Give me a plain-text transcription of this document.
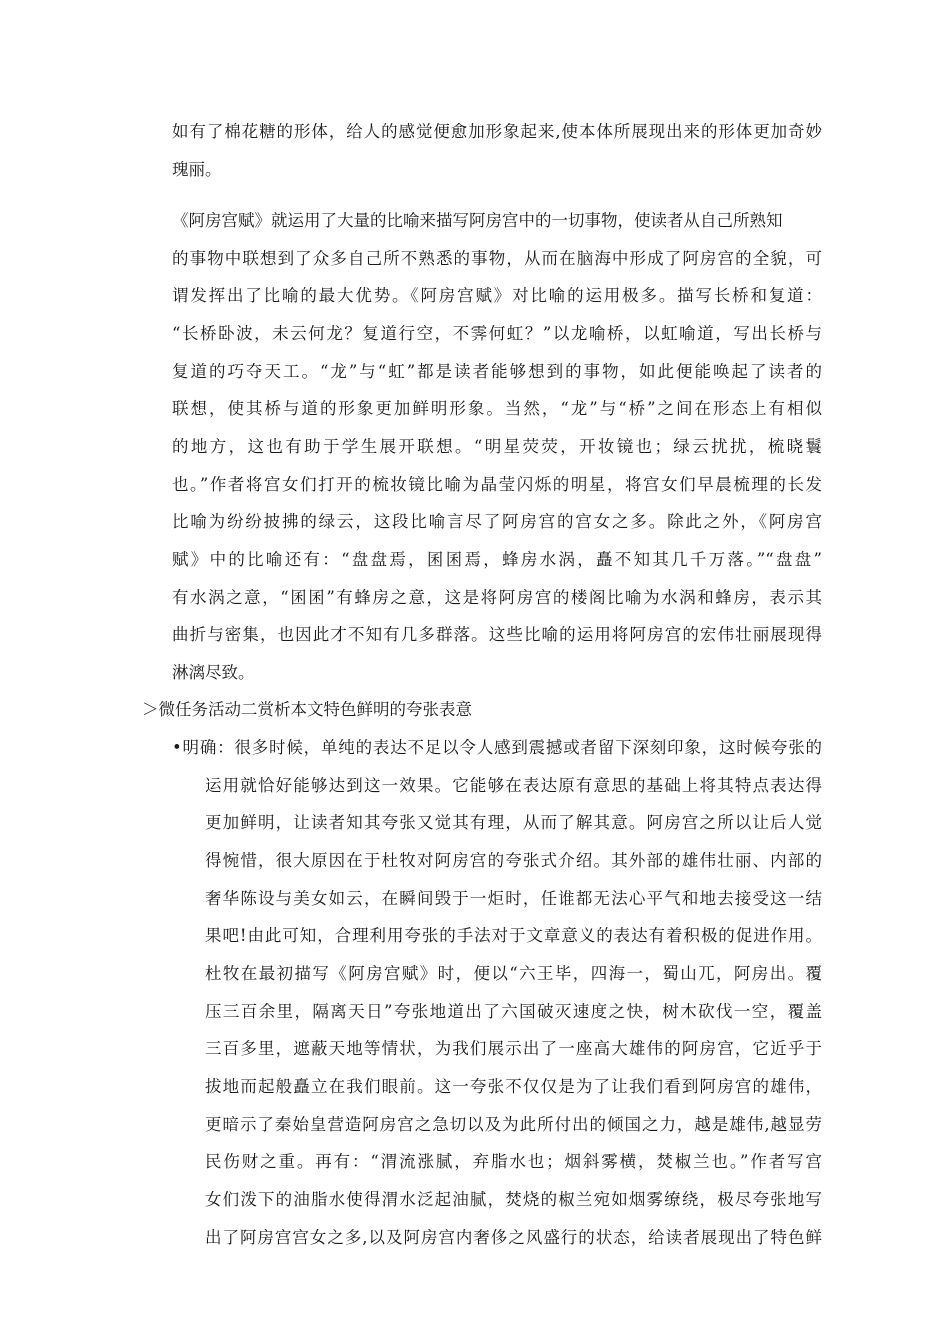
如有了棉花糖的形体，给人的感觉便愈加形象起来,使本体所展现出来的形体更加奇妙
瑰丽。
《阿房宫赋》就运用了大量的比喻来描写阿房宫中的一切事物，使读者从自己所熟知
的事物中联想到了众多自己所不熟悉的事物，从而在脑海中形成了阿房宫的全貌，可
谓发挥出了比喻的最大优势。《阿房宫赋》对比喻的运用极多。描写长桥和复道：
“长桥卧波，未云何龙？复道行空，不霁何虹？”以龙喻桥，以虹喻道，写出长桥与
复道的巧夺天工。“龙”与“虹”都是读者能够想到的事物，如此便能唤起了读者的
联想，使其桥与道的形象更加鲜明形象。当然，“龙”与“桥”之间在形态上有相似
的地方，这也有助于学生展开联想。“明星荧荧，开妆镜也；绿云扰扰，梳晓鬟
也。”作者将宫女们打开的梳妆镜比喻为晶莹闪烁的明星，将宫女们早晨梳理的长发
比喻为纷纷披拂的绿云，这段比喻言尽了阿房宫的宫女之多。除此之外，《阿房宫
赋》中的比喻还有：“盘盘焉，囷囷焉，蜂房水涡，矗不知其几千万落。”“盘盘”
有水涡之意，“囷囷”有蜂房之意，这是将阿房宫的楼阁比喻为水涡和蜂房，表示其
曲折与密集，也因此才不知有几多群落。这些比喻的运用将阿房宫的宏伟壮丽展现得
淋漓尽致。
＞微任务活动二赏析本文特色鲜明的夸张表意
•明确：很多时候，单纯的表达不足以令人感到震撼或者留下深刻印象，这时候夸张的
运用就恰好能够达到这一效果。它能够在表达原有意思的基础上将其特点表达得
更加鲜明，让读者知其夸张又觉其有理，从而了解其意。阿房宫之所以让后人觉
得惋惜，很大原因在于杜牧对阿房宫的夸张式介绍。其外部的雄伟壮丽、内部的
奢华陈设与美女如云，在瞬间毁于一炬时，任谁都无法心平气和地去接受这一结
果吧!由此可知，合理利用夸张的手法对于文章意义的表达有着积极的促进作用。
杜牧在最初描写《阿房宫赋》时，便以“六王毕，四海一，蜀山兀，阿房出。覆
压三百余里，隔离天日”夸张地道出了六国破灭速度之快，树木砍伐一空，覆盖
三百多里，遮蔽天地等情状，为我们展示出了一座高大雄伟的阿房宫，它近乎于
拔地而起般矗立在我们眼前。这一夸张不仅仅是为了让我们看到阿房宫的雄伟，
更暗示了秦始皇营造阿房宫之急切以及为此所付出的倾国之力，越是雄伟,越显劳
民伤财之重。再有：“渭流涨腻，弃脂水也；烟斜雾横，焚椒兰也。”作者写宫
女们泼下的油脂水使得渭水泛起油腻，焚烧的椒兰宛如烟雾缭绕，极尽夸张地写
出了阿房宫宫女之多,以及阿房宫内奢侈之风盛行的状态，给读者展现出了特色鲜
